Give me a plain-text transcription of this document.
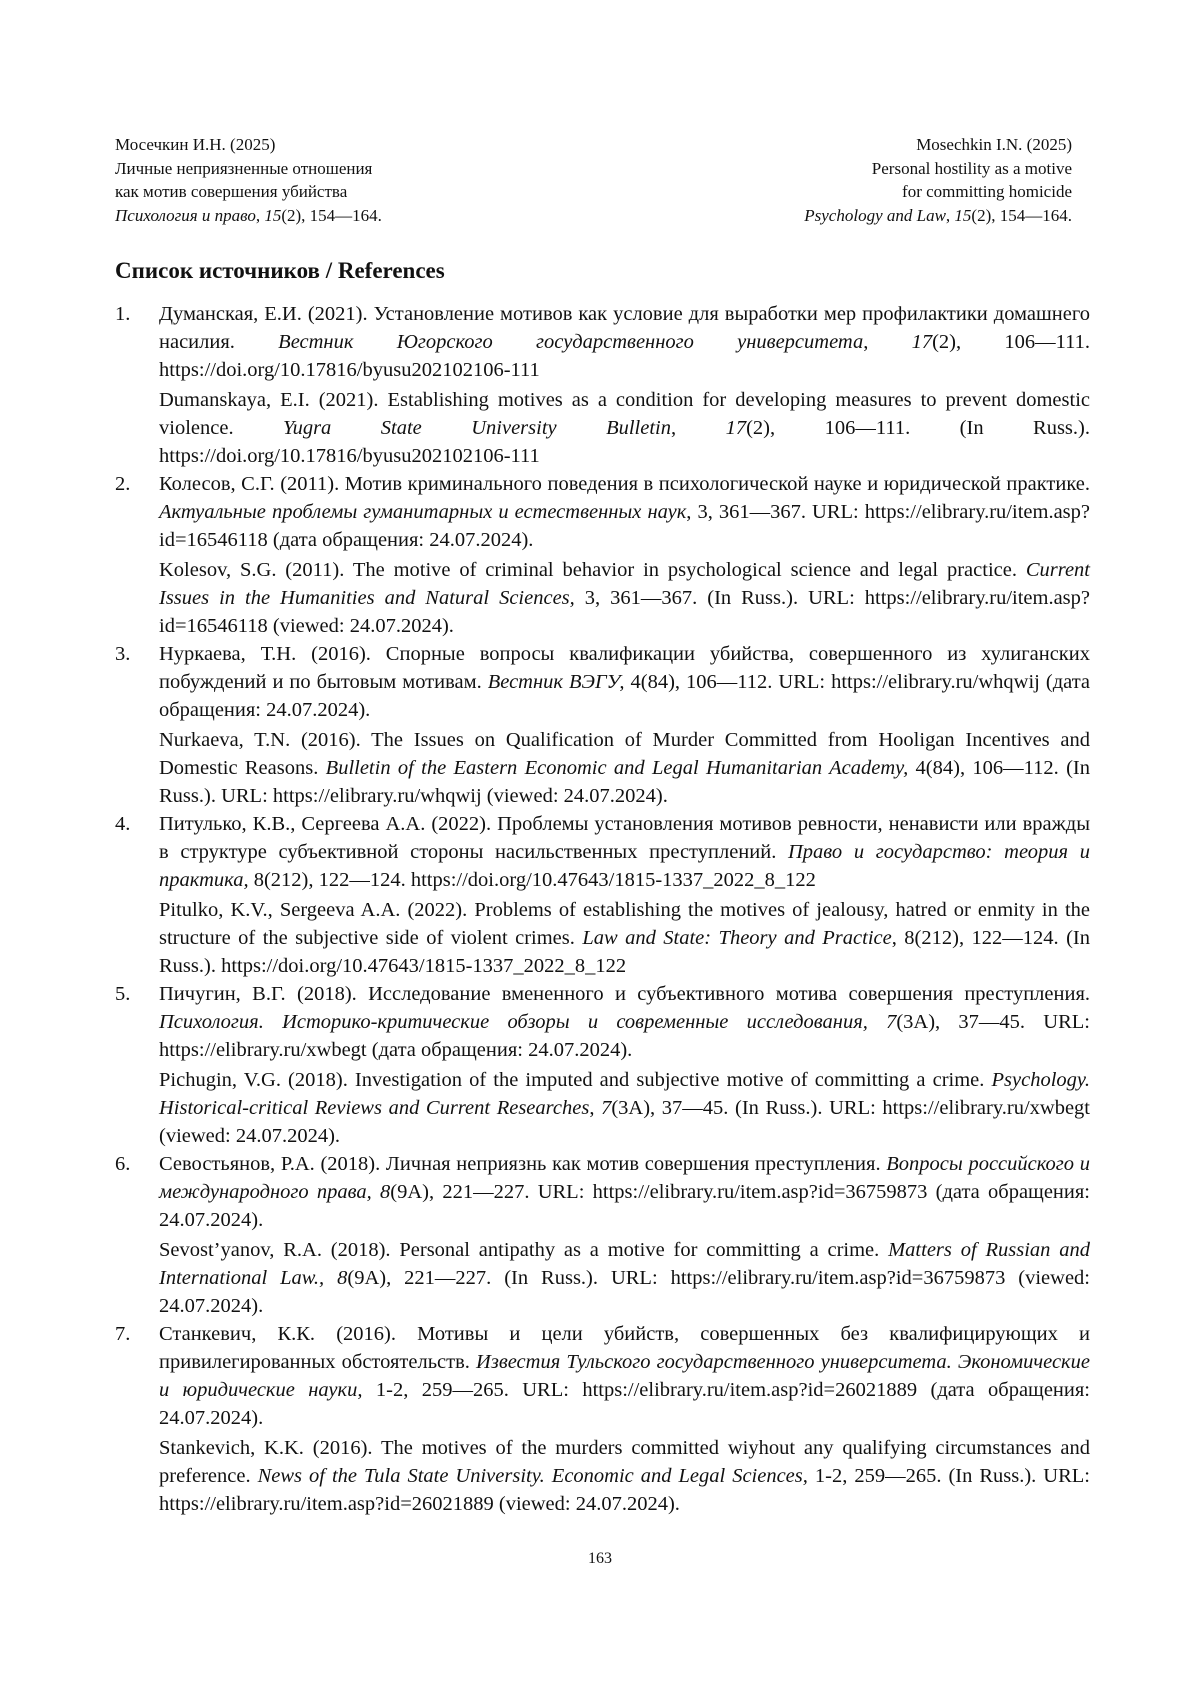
Мосечкин И.Н. (2025)
Личные неприязненные отношения
как мотив совершения убийства
Психология и право, 15(2), 154—164.
Mosechkin I.N. (2025)
Personal hostility as a motive
for committing homicide
Psychology and Law, 15(2), 154—164.
Список источников / References
1.	Думанская, Е.И. (2021). Установление мотивов как условие для выработки мер профилактики домашнего насилия. Вестник Югорского государственного университета, 17(2), 106—111. https://doi.org/10.17816/byusu202102106-111

Dumanskaya, E.I. (2021). Establishing motives as a condition for developing measures to prevent domestic violence. Yugra State University Bulletin, 17(2), 106—111. (In Russ.). https://doi.org/10.17816/byusu202102106-111

2.	Колесов, С.Г. (2011). Мотив криминального поведения в психологической науке и юридической практике. Актуальные проблемы гуманитарных и естественных наук, 3, 361—367. URL: https://elibrary.ru/item.asp?id=16546118 (дата обращения: 24.07.2024).

Kolesov, S.G. (2011). The motive of criminal behavior in psychological science and legal practice. Current Issues in the Humanities and Natural Sciences, 3, 361—367. (In Russ.). URL: https://elibrary.ru/item.asp?id=16546118 (viewed: 24.07.2024).

3.	Нуркаева, Т.Н. (2016). Спорные вопросы квалификации убийства, совершенного из хулиганских побуждений и по бытовым мотивам. Вестник ВЭГУ, 4(84), 106—112. URL: https://elibrary.ru/whqwij (дата обращения: 24.07.2024).

Nurkaeva, T.N. (2016). The Issues on Qualification of Murder Committed from Hooligan Incentives and Domestic Reasons. Bulletin of the Eastern Economic and Legal Humanitarian Academy, 4(84), 106—112. (In Russ.). URL: https://elibrary.ru/whqwij (viewed: 24.07.2024).

4.	Питулько, К.В., Сергеева А.А. (2022). Проблемы установления мотивов ревности, ненависти или вражды в структуре субъективной стороны насильственных преступлений. Право и государство: теория и практика, 8(212), 122—124. https://doi.org/10.47643/1815-1337_2022_8_122

Pitulko, K.V., Sergeeva A.A. (2022). Problems of establishing the motives of jealousy, hatred or enmity in the structure of the subjective side of violent crimes. Law and State: Theory and Practice, 8(212), 122—124. (In Russ.). https://doi.org/10.47643/1815-1337_2022_8_122

5.	Пичугин, В.Г. (2018). Исследование вмененного и субъективного мотива совершения преступления. Психология. Историко-критические обзоры и современные исследования, 7(3А), 37—45. URL: https://elibrary.ru/xwbegt (дата обращения: 24.07.2024).

Pichugin, V.G. (2018). Investigation of the imputed and subjective motive of committing a crime. Psychology. Historical-critical Reviews and Current Researches, 7(3A), 37—45. (In Russ.). URL: https://elibrary.ru/xwbegt (viewed: 24.07.2024).

6.	Севостьянов, Р.А. (2018). Личная неприязнь как мотив совершения преступления. Вопросы российского и международного права, 8(9А), 221—227. URL: https://elibrary.ru/item.asp?id=36759873 (дата обращения: 24.07.2024).

Sevost’yanov, R.A. (2018). Personal antipathy as a motive for committing a crime. Matters of Russian and International Law., 8(9A), 221—227. (In Russ.). URL: https://elibrary.ru/item.asp?id=36759873 (viewed: 24.07.2024).

7.	Станкевич, К.К. (2016). Мотивы и цели убийств, совершенных без квалифицирующих и привилегированных обстоятельств. Известия Тульского государственного университета. Экономические и юридические науки, 1-2, 259—265. URL: https://elibrary.ru/item.asp?id=26021889 (дата обращения: 24.07.2024).

Stankevich, K.K. (2016). The motives of the murders committed wiyhout any qualifying circumstances and preference. News of the Tula State University. Economic and Legal Sciences, 1-2, 259—265. (In Russ.). URL: https://elibrary.ru/item.asp?id=26021889 (viewed: 24.07.2024).

163
